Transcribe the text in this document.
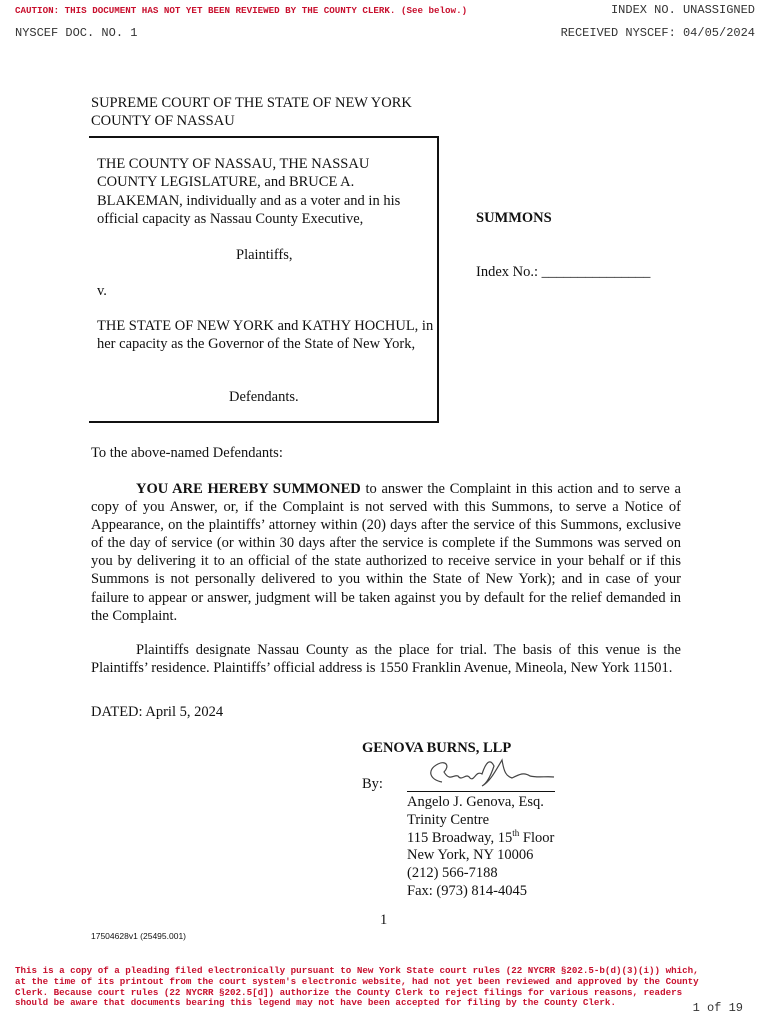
CAUTION: THIS DOCUMENT HAS NOT YET BEEN REVIEWED BY THE COUNTY CLERK. (See below.)	INDEX NO. UNASSIGNED
NYSCEF DOC. NO. 1	RECEIVED NYSCEF: 04/05/2024
SUPREME COURT OF THE STATE OF NEW YORK
COUNTY OF NASSAU
THE COUNTY OF NASSAU, THE NASSAU COUNTY LEGISLATURE, and BRUCE A. BLAKEMAN, individually and as a voter and in his official capacity as Nassau County Executive,
Plaintiffs,
v.
THE STATE OF NEW YORK and KATHY HOCHUL, in her capacity as the Governor of the State of New York,
Defendants.
SUMMONS
Index No.: _______________
To the above-named Defendants:
YOU ARE HEREBY SUMMONED to answer the Complaint in this action and to serve a copy of you Answer, or, if the Complaint is not served with this Summons, to serve a Notice of Appearance, on the plaintiffs’ attorney within (20) days after the service of this Summons, exclusive of the day of service (or within 30 days after the service is complete if the Summons was served on you by delivering it to an official of the state authorized to receive service in your behalf or if this Summons is not personally delivered to you within the State of New York); and in case of your failure to appear or answer, judgment will be taken against you by default for the relief demanded in the Complaint.
Plaintiffs designate Nassau County as the place for trial. The basis of this venue is the Plaintiffs’ residence. Plaintiffs’ official address is 1550 Franklin Avenue, Mineola, New York 11501.
DATED: April 5, 2024
GENOVA BURNS, LLP
By:
Angelo J. Genova, Esq.
Trinity Centre
115 Broadway, 15th Floor
New York, NY 10006
(212) 566-7188
Fax: (973) 814-4045
1
17504628v1 (25495.001)
This is a copy of a pleading filed electronically pursuant to New York State court rules (22 NYCRR §202.5-b(d)(3)(i)) which, at the time of its printout from the court system's electronic website, had not yet been reviewed and approved by the County Clerk. Because court rules (22 NYCRR §202.5[d]) authorize the County Clerk to reject filings for various reasons, readers should be aware that documents bearing this legend may not have been accepted for filing by the County Clerk.	1 of 19
